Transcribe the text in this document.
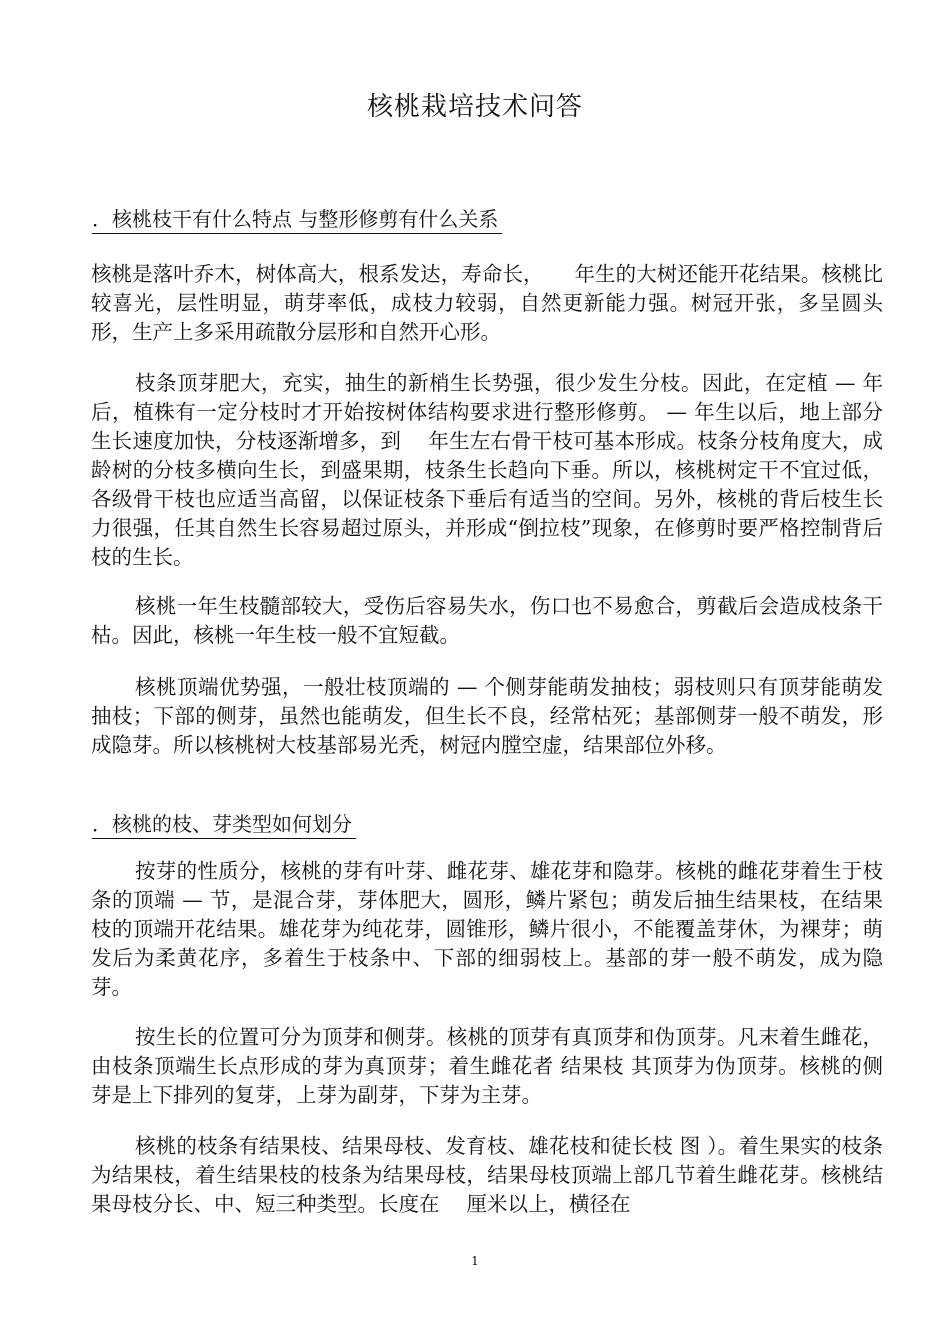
核桃栽培技术问答
．核桃枝干有什么特点 与整形修剪有什么关系
核桃是落叶乔木，树体高大，根系发达，寿命长，　　年生的大树还能开花结果。核桃比较喜光，层性明显，萌芽率低，成枝力较弱，自然更新能力强。树冠开张，多呈圆头形，生产上多采用疏散分层形和自然开心形。
枝条顶芽肥大，充实，抽生的新梢生长势强，很少发生分枝。因此，在定植 — 年后，植株有一定分枝时才开始按树体结构要求进行整形修剪。 — 年生以后，地上部分生长速度加快，分枝逐渐增多，到　 年生左右骨干枝可基本形成。枝条分枝角度大，成龄树的分枝多横向生长，到盛果期，枝条生长趋向下垂。所以，核桃树定干不宜过低，各级骨干枝也应适当高留，以保证枝条下垂后有适当的空间。另外，核桃的背后枝生长力很强，任其自然生长容易超过原头，并形成“倒拉枝”现象，在修剪时要严格控制背后枝的生长。
核桃一年生枝髓部较大，受伤后容易失水，伤口也不易愈合，剪截后会造成枝条干枯。因此，核桃一年生枝一般不宜短截。
核桃顶端优势强，一般壮枝顶端的 — 个侧芽能萌发抽枝；弱枝则只有顶芽能萌发抽枝；下部的侧芽，虽然也能萌发，但生长不良，经常枯死；基部侧芽一般不萌发，形成隐芽。所以核桃树大枝基部易光秃，树冠内膛空虚，结果部位外移。
．核桃的枝、芽类型如何划分
按芽的性质分，核桃的芽有叶芽、雌花芽、雄花芽和隐芽。核桃的雌花芽着生于枝条的顶端 — 节，是混合芽，芽体肥大，圆形，鳞片紧包；萌发后抽生结果枝，在结果枝的顶端开花结果。雄花芽为纯花芽，圆锥形，鳞片很小，不能覆盖芽休，为裸芽；萌发后为柔黄花序，多着生于枝条中、下部的细弱枝上。基部的芽一般不萌发，成为隐芽。
按生长的位置可分为顶芽和侧芽。核桃的顶芽有真顶芽和伪顶芽。凡末着生雌花，由枝条顶端生长点形成的芽为真顶芽；着生雌花者 结果枝 其顶芽为伪顶芽。核桃的侧芽是上下排列的复芽，上芽为副芽，下芽为主芽。
核桃的枝条有结果枝、结果母枝、发育枝、雄花枝和徒长枝 图 ）。着生果实的枝条为结果枝，着生结果枝的枝条为结果母枝，结果母枝顶端上部几节着生雌花芽。核桃结果母枝分长、中、短三种类型。长度在　 厘米以上，横径在
1
